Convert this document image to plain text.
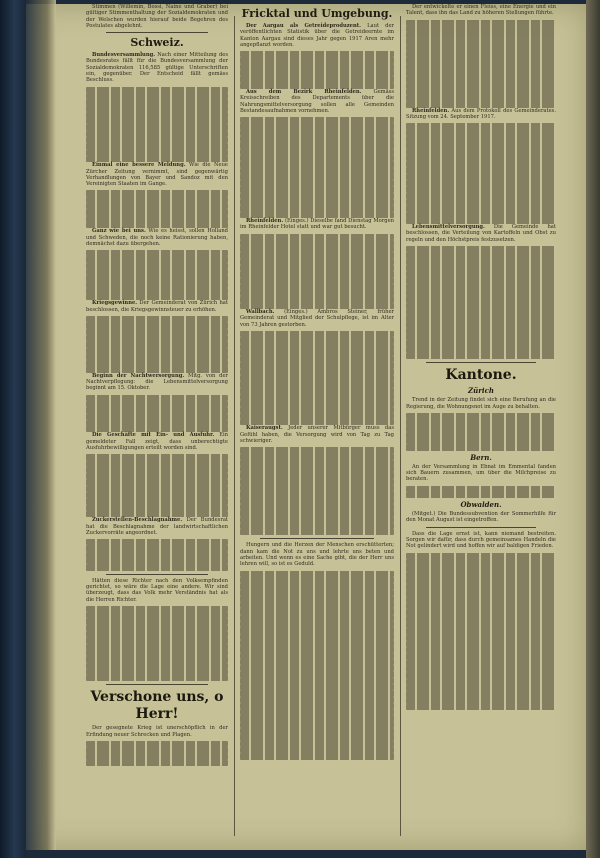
Stimmen (Willemin, Bossi, Naine und Graber) bei gültiger Stimmenthaltung der Sozialdemokraten und der Welschen wurden hierauf beide Begehren des Postulates abgelehnt.

Schweiz.

Bundesversammlung. Nach einer Mitteilung des Bundesrates fällt für die Bundesversammlung der Sozialdemokraten 116,585 gültige Unterschriften ein, gegenüber. Der Entscheid fällt gemäss Beschluss.

Einmal eine bessere Meldung. Wie die Neue Zürcher Zeitung vernimmt, sind gegenwärtig Verhandlungen von Bayer und Sandoz mit den Vereinigten Staaten im Gange.

Ganz wie bei uns. Wie es heisst, sollen Holland und Schweden, die noch keine Rationierung haben, demnächst dazu übergehen.

Kriegsgewinne. Der Gemeinderat von Zürich hat beschlossen, die Kriegsgewinnsteuer zu erhöhen.

Beginn der Nachtwersorgung. Mitg. von der Nachtverpflegung: die Lebensmittelversorgung beginnt am 15. Oktober.

Die Geschäfte mit Ein- und Ausfuhr. Ein gemeldeter Fall zeigt, dass unberechtigte Ausfuhrbewilligungen erteilt worden sind.

Zuckerstellen-Beschlagnahme. Der Bundesrat hat die Beschlagnahme der landwirtschaftlichen Zuckervorräte angeordnet.

Hätten diese Richter nach den Volksempfinden gerichtet, so wäre die Lage eine andere. Wir sind überzeugt, dass das Volk mehr Verständnis hat als die Herren Richter.

Verschone uns, o Herr!

Der gesegnete Krieg ist unerschöpflich in der Erfindung neuer Schrecken und Plagen.

Fricktal und Umgebung.

Der Aargau als Getreideproduzent. Laut der veröffentlichten Statistik über die Getreideernte im Kanton Aargau sind dieses Jahr gegen 1917 Aren mehr angepflanzt worden.

Aus dem Bezirk Rheinfelden. Gemäss Kreisschreiben des Departements über die Nahrungsmittelversorgung sollen alle Gemeinden Bestandesaufnahmen vornehmen.

Rheinfelden. (Einges.) Dieselbe fand Dienstag Morgen im Rheinfelder Hotel statt und war gut besucht.

Wallbach. (Einges.) Ambros Steiner, früher Gemeinderat und Mitglied der Schulpflege, ist im Alter von 73 Jahren gestorben.

Kaiseraugst. Jeder unserer Mitbürger muss das Gefühl haben, die Versorgung wird von Tag zu Tag schwieriger.

Hungern und die Herzen der Menschen erschütterten; dann kam die Not zu uns und lehrte uns beten und arbeiten. Und wenn es eine Sache gibt, die der Herr uns lehren will, so ist es Geduld.

Der entwickelte er einen Fleiss, eine Energie und ein Talent, dass ihn das Land zu höheren Stellungen führte.

Rheinfelden. Aus dem Protokoll des Gemeinderates. Sitzung vom 24. September 1917.

Lebensmittelversorgung. Die Gemeinde hat beschlossen, die Verteilung von Kartoffeln und Obst zu regeln und den Höchstpreis festzusetzen.

Kantone.
Zürich

Trend in der Zeitung findet sich eine Berufung an die Regierung, die Wohnungsnot im Auge zu behalten.

Bern.

An der Versammlung in Ebnat im Emmental fanden sich Bauern zusammen, um über die Milchpreise zu beraten.

Obwalden.

(Mitget.) Die Bundessubvention der Sommerhilfe für den Monat August ist eingetroffen.

Dass die Lage ernst ist, kann niemand bestreiten. Sorgen wir dafür, dass durch gemeinsames Handeln die Not gelindert wird und hoffen wir auf baldigen Frieden.
